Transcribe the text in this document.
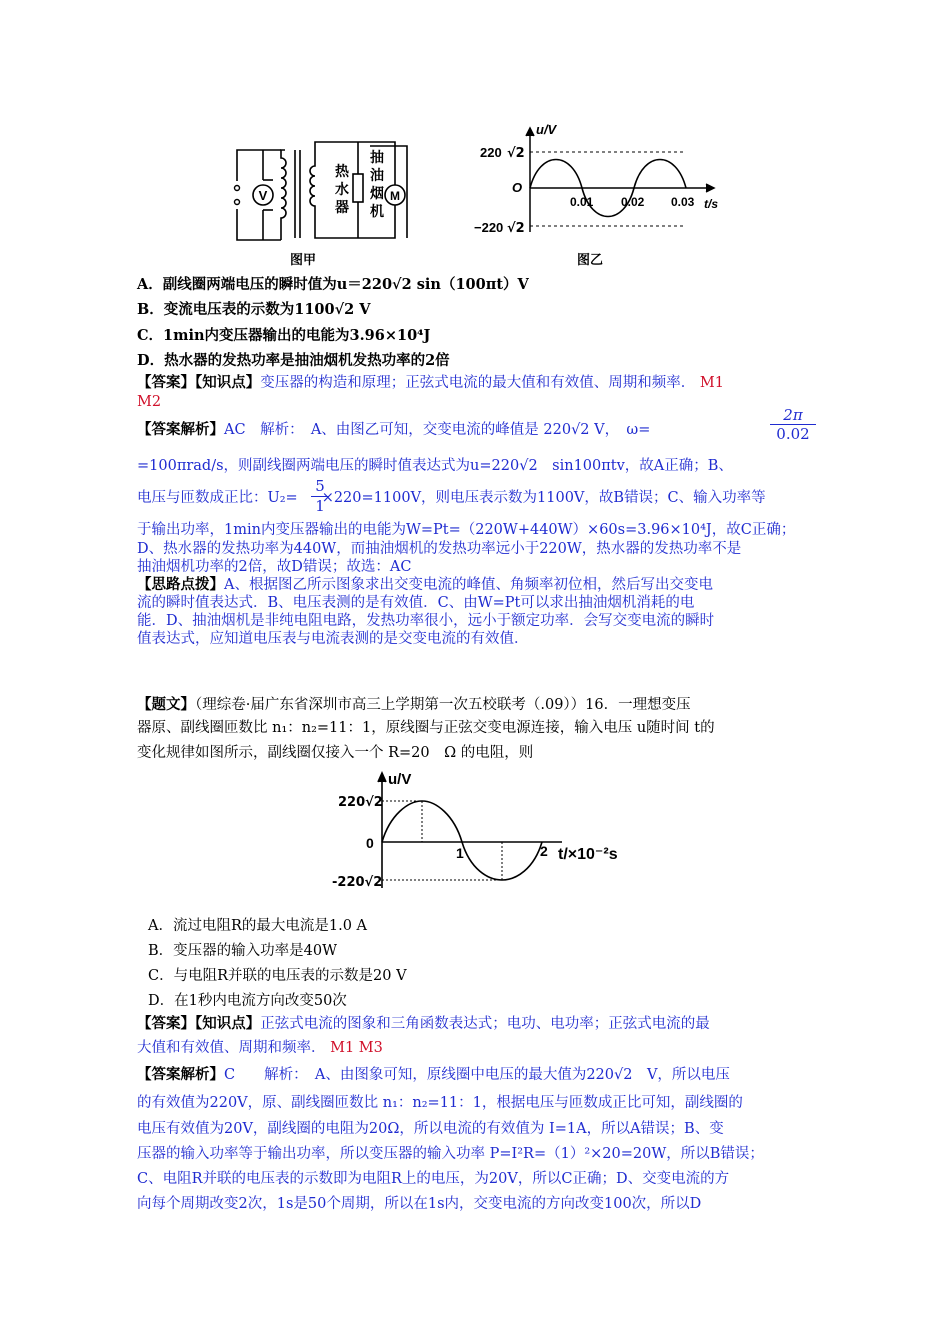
V	M
热
水
器
抽
油
烟
机
图甲
u/V
t/s
220 √2
−220 √2
O
0.01 0.02 0.03
图乙
A．副线圈两端电压的瞬时值为u＝220√2 sin（100πt）V
B．变流电压表的示数为1100√2 V
C．1min内变压器输出的电能为3.96×10⁴J
D．热水器的发热功率是抽油烟机发热功率的2倍
【答案】【知识点】变压器的构造和原理；正弦式电流的最大值和有效值、周期和频率． M1
M2
【答案解析】AC　解析：　A、由图乙可知，交变电流的峰值是 220√2 V，　ω=	$\frac{2\pi}{0.02}$
=100πrad/s，则副线圈两端电压的瞬时值表达式为u=220√2　sin100πtv，故A正确；B、
电压与匝数成正比：U₂= ×220=1100V，则电压表示数为1100V，故B错误；C、输入功率等
$\frac{5}{1}$
于输出功率，1min内变压器输出的电能为W=Pt=（220W+440W）×60s=3.96×10⁴J，故C正确；
D、热水器的发热功率为440W，而抽油烟机的发热功率远小于220W，热水器的发热功率不是
抽油烟机功率的2倍，故D错误；故选：AC
【思路点拨】A、根据图乙所示图象求出交变电流的峰值、角频率初位相，然后写出交变电
流的瞬时值表达式．B、电压表测的是有效值．C、由W=Pt可以求出抽油烟机消耗的电
能．D、抽油烟机是非纯电阻电路，发热功率很小，远小于额定功率．会写交变电流的瞬时
值表达式，应知道电压表与电流表测的是交变电流的有效值．
【题文】（理综卷·届广东省深圳市高三上学期第一次五校联考（.09））16．一理想变压
器原、副线圈匝数比 n₁：n₂=11：1，原线圈与正弦交变电源连接，输入电压 u随时间 t的
变化规律如图所示，副线圈仅接入一个 R=20　Ω 的电阻，则
u/V
220√2
0
1	2
-220√2
t/×10⁻²s
A．流过电阻R的最大电流是1.0 A
B．变压器的输入功率是40W
C．与电阻R并联的电压表的示数是20 V
D．在1秒内电流方向改变50次
【答案】【知识点】正弦式电流的图象和三角函数表达式；电功、电功率；正弦式电流的最
大值和有效值、周期和频率． M1 M3
【答案解析】C　　解析：　A、由图象可知，原线圈中电压的最大值为220√2　V，所以电压
的有效值为220V，原、副线圈匝数比 n₁：n₂=11：1，根据电压与匝数成正比可知，副线圈的
电压有效值为20V，副线圈的电阻为20Ω，所以电流的有效值为 I=1A，所以A错误；B、变
压器的输入功率等于输出功率，所以变压器的输入功率 P=I²R=（1）²×20=20W，所以B错误；
C、电阻R并联的电压表的示数即为电阻R上的电压，为20V，所以C正确；D、交变电流的方
向每个周期改变2次，1s是50个周期，所以在1s内，交变电流的方向改变100次，所以D
